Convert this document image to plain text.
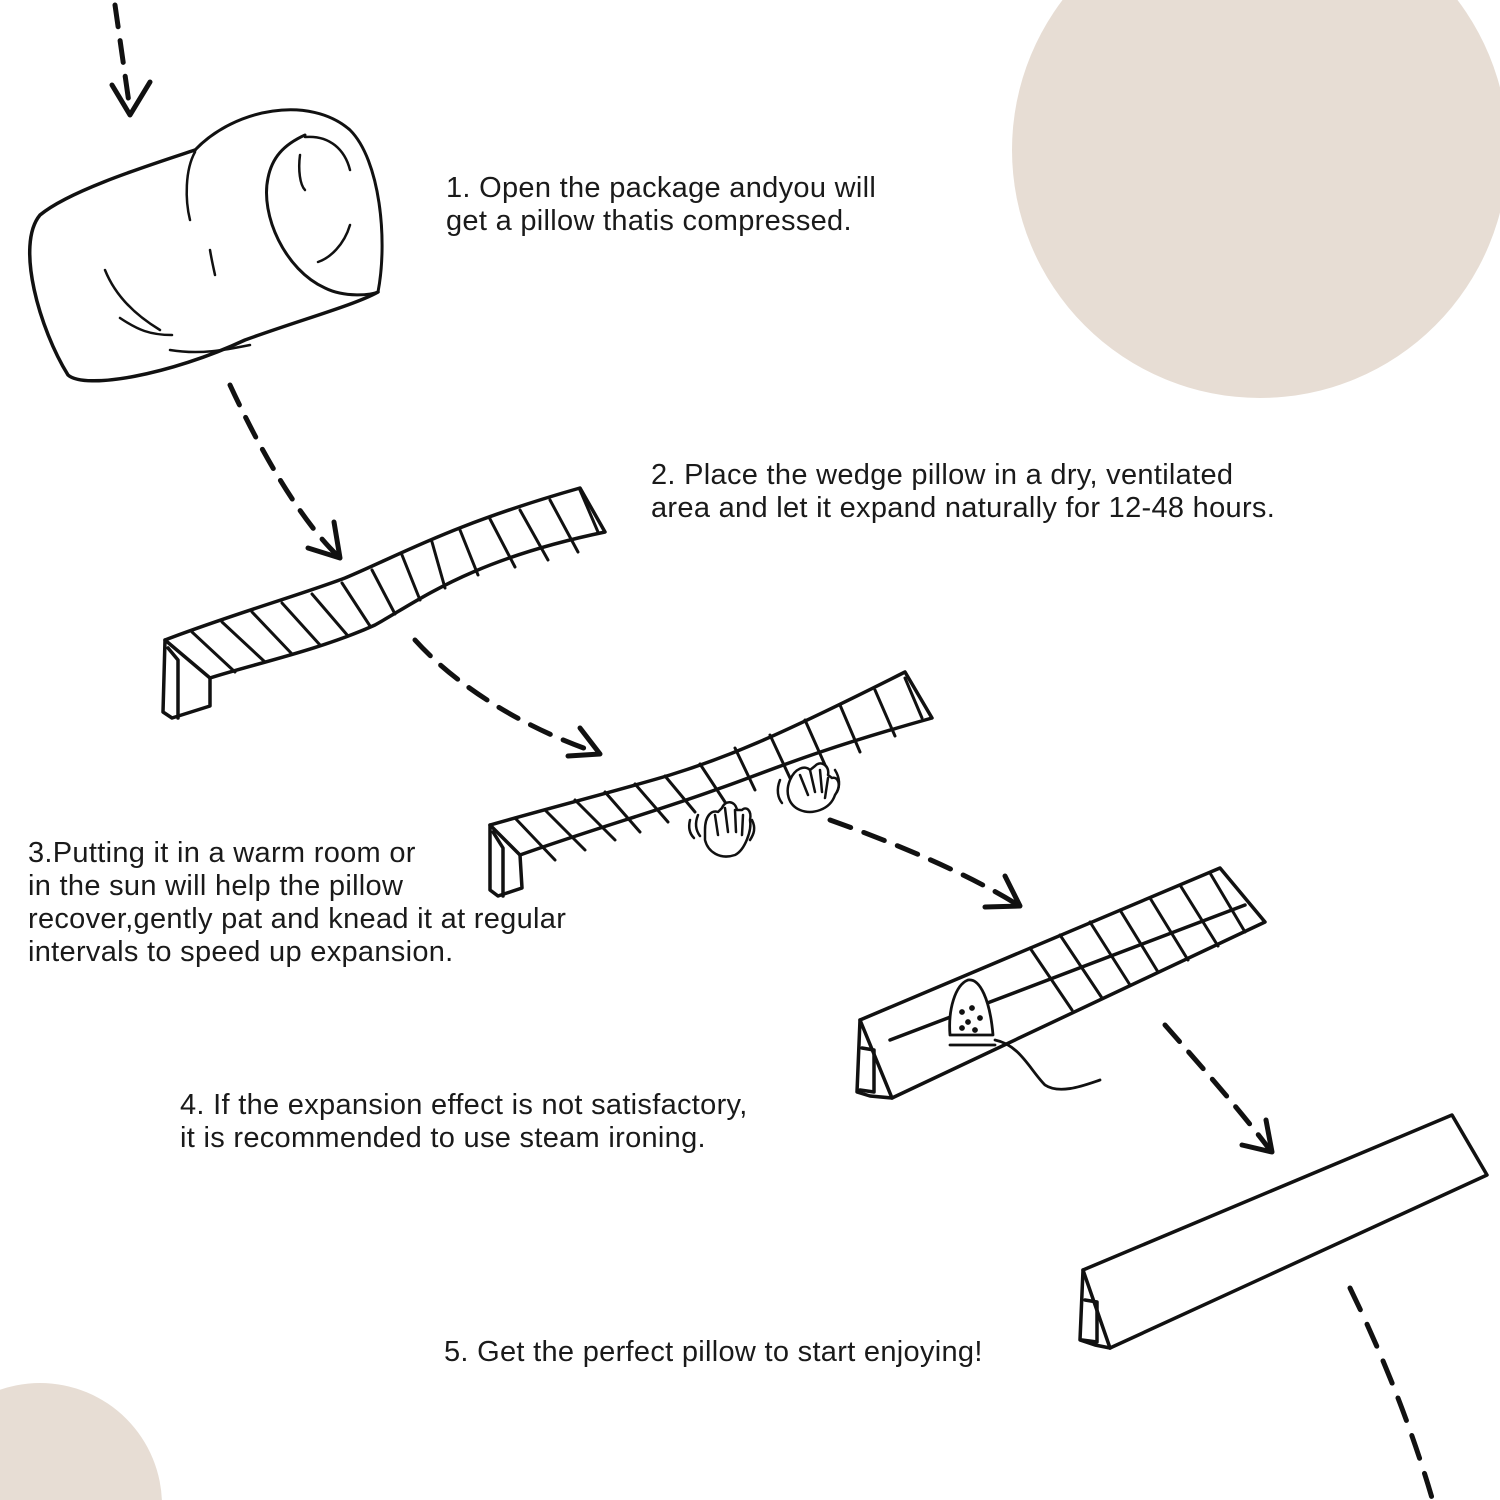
1. Open the package andyou will
get a pillow thatis compressed.

2. Place the wedge pillow in a dry, ventilated
area and let it expand naturally for 12-48 hours.

3.Putting it in a warm room or
in the sun will help the pillow
recover,gently pat and knead it at regular
intervals to speed up expansion.

4. If the expansion effect is not satisfactory,
it is recommended to use steam ironing.

5. Get the perfect pillow to start enjoying!
